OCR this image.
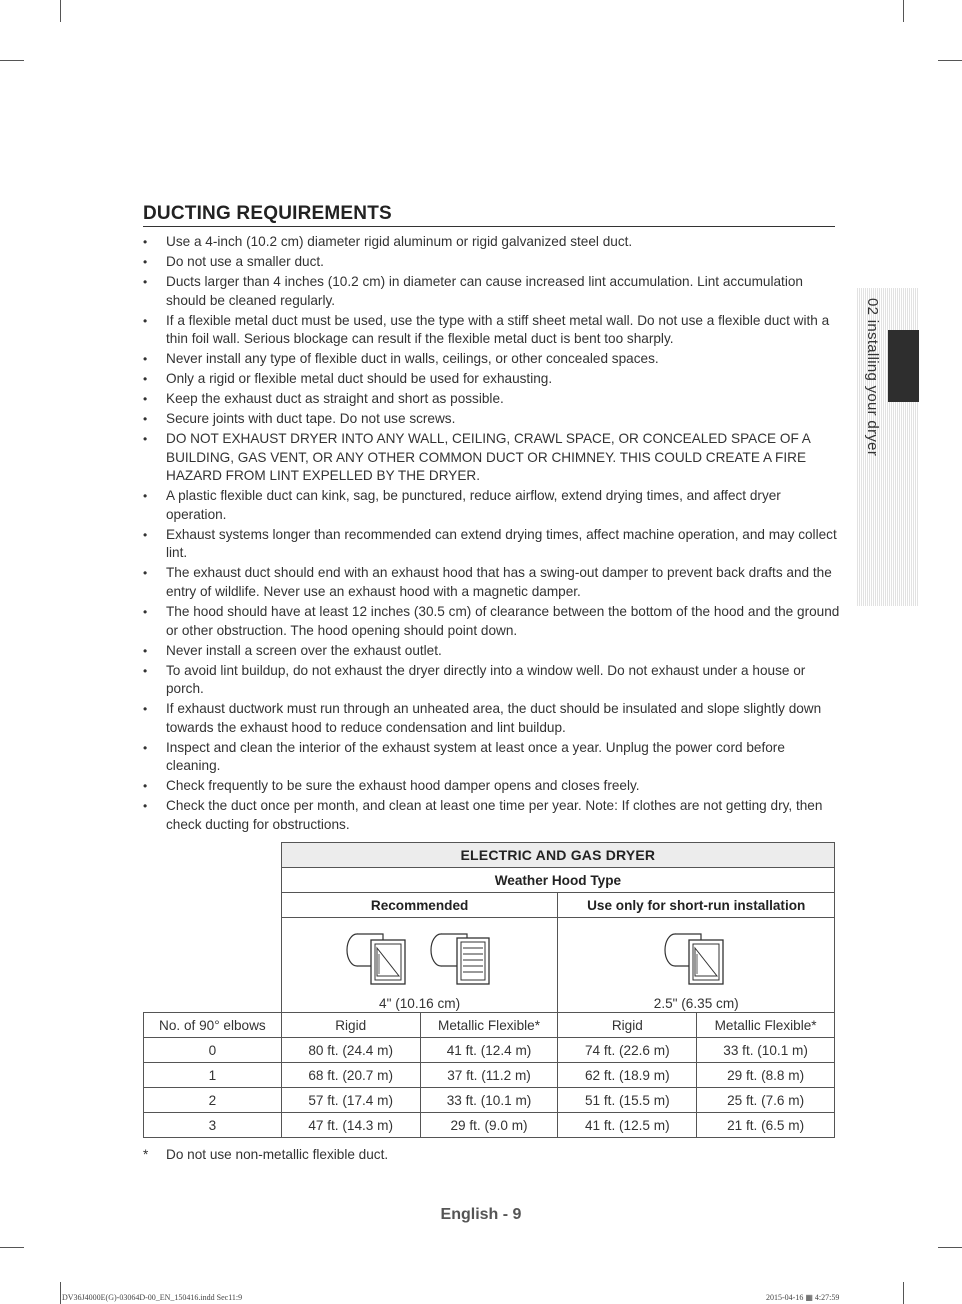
DUCTING REQUIREMENTS
• Use a 4-inch (10.2 cm) diameter rigid aluminum or rigid galvanized steel duct.
• Do not use a smaller duct.
• Ducts larger than 4 inches (10.2 cm) in diameter can cause increased lint accumulation. Lint accumulation should be cleaned regularly.
• If a flexible metal duct must be used, use the type with a stiff sheet metal wall. Do not use a flexible duct with a thin foil wall. Serious blockage can result if the flexible metal duct is bent too sharply.
• Never install any type of flexible duct in walls, ceilings, or other concealed spaces.
• Only a rigid or flexible metal duct should be used for exhausting.
• Keep the exhaust duct as straight and short as possible.
• Secure joints with duct tape. Do not use screws.
• DO NOT EXHAUST DRYER INTO ANY WALL, CEILING, CRAWL SPACE, OR CONCEALED SPACE OF A BUILDING, GAS VENT, OR ANY OTHER COMMON DUCT OR CHIMNEY. THIS COULD CREATE A FIRE HAZARD FROM LINT EXPELLED BY THE DRYER.
• A plastic flexible duct can kink, sag, be punctured, reduce airflow, extend drying times, and affect dryer operation.
• Exhaust systems longer than recommended can extend drying times, affect machine operation, and may collect lint.
• The exhaust duct should end with an exhaust hood that has a swing-out damper to prevent back drafts and the entry of wildlife. Never use an exhaust hood with a magnetic damper.
• The hood should have at least 12 inches (30.5 cm) of clearance between the bottom of the hood and the ground or other obstruction. The hood opening should point down.
• Never install a screen over the exhaust outlet.
• To avoid lint buildup, do not exhaust the dryer directly into a window well. Do not exhaust under a house or porch.
• If exhaust ductwork must run through an unheated area, the duct should be insulated and slope slightly down towards the exhaust hood to reduce condensation and lint buildup.
• Inspect and clean the interior of the exhaust system at least once a year. Unplug the power cord before cleaning.
• Check frequently to be sure the exhaust hood damper opens and closes freely.
• Check the duct once per month, and clean at least one time per year. Note: If clothes are not getting dry, then check ducting for obstructions.
02 installing your dryer
	ELECTRIC AND GAS DRYER			
	Weather Hood Type			
	Recommended		Use only for short-run installation	

	4" (10.16 cm)		2.5" (6.35 cm)	

No. of 90° elbows	Rigid	Metallic Flexible*	Rigid	Metallic Flexible*
0	80 ft. (24.4 m)	41 ft. (12.4 m)	74 ft. (22.6 m)	33 ft. (10.1 m)
1	68 ft. (20.7 m)	37 ft. (11.2 m)	62 ft. (18.9 m)	29 ft. (8.8 m)
2	57 ft. (17.4 m)	33 ft. (10.1 m)	51 ft. (15.5 m)	25 ft. (7.6 m)
3	47 ft. (14.3 m)	29 ft. (9.0 m)	41 ft. (12.5 m)	21 ft. (6.5 m)
* Do not use non-metallic flexible duct.
English - 9
DV36J4000E(G)-03064D-00_EN_150416.indd Sec11:9	2015-04-16 ▦ 4:27:59
